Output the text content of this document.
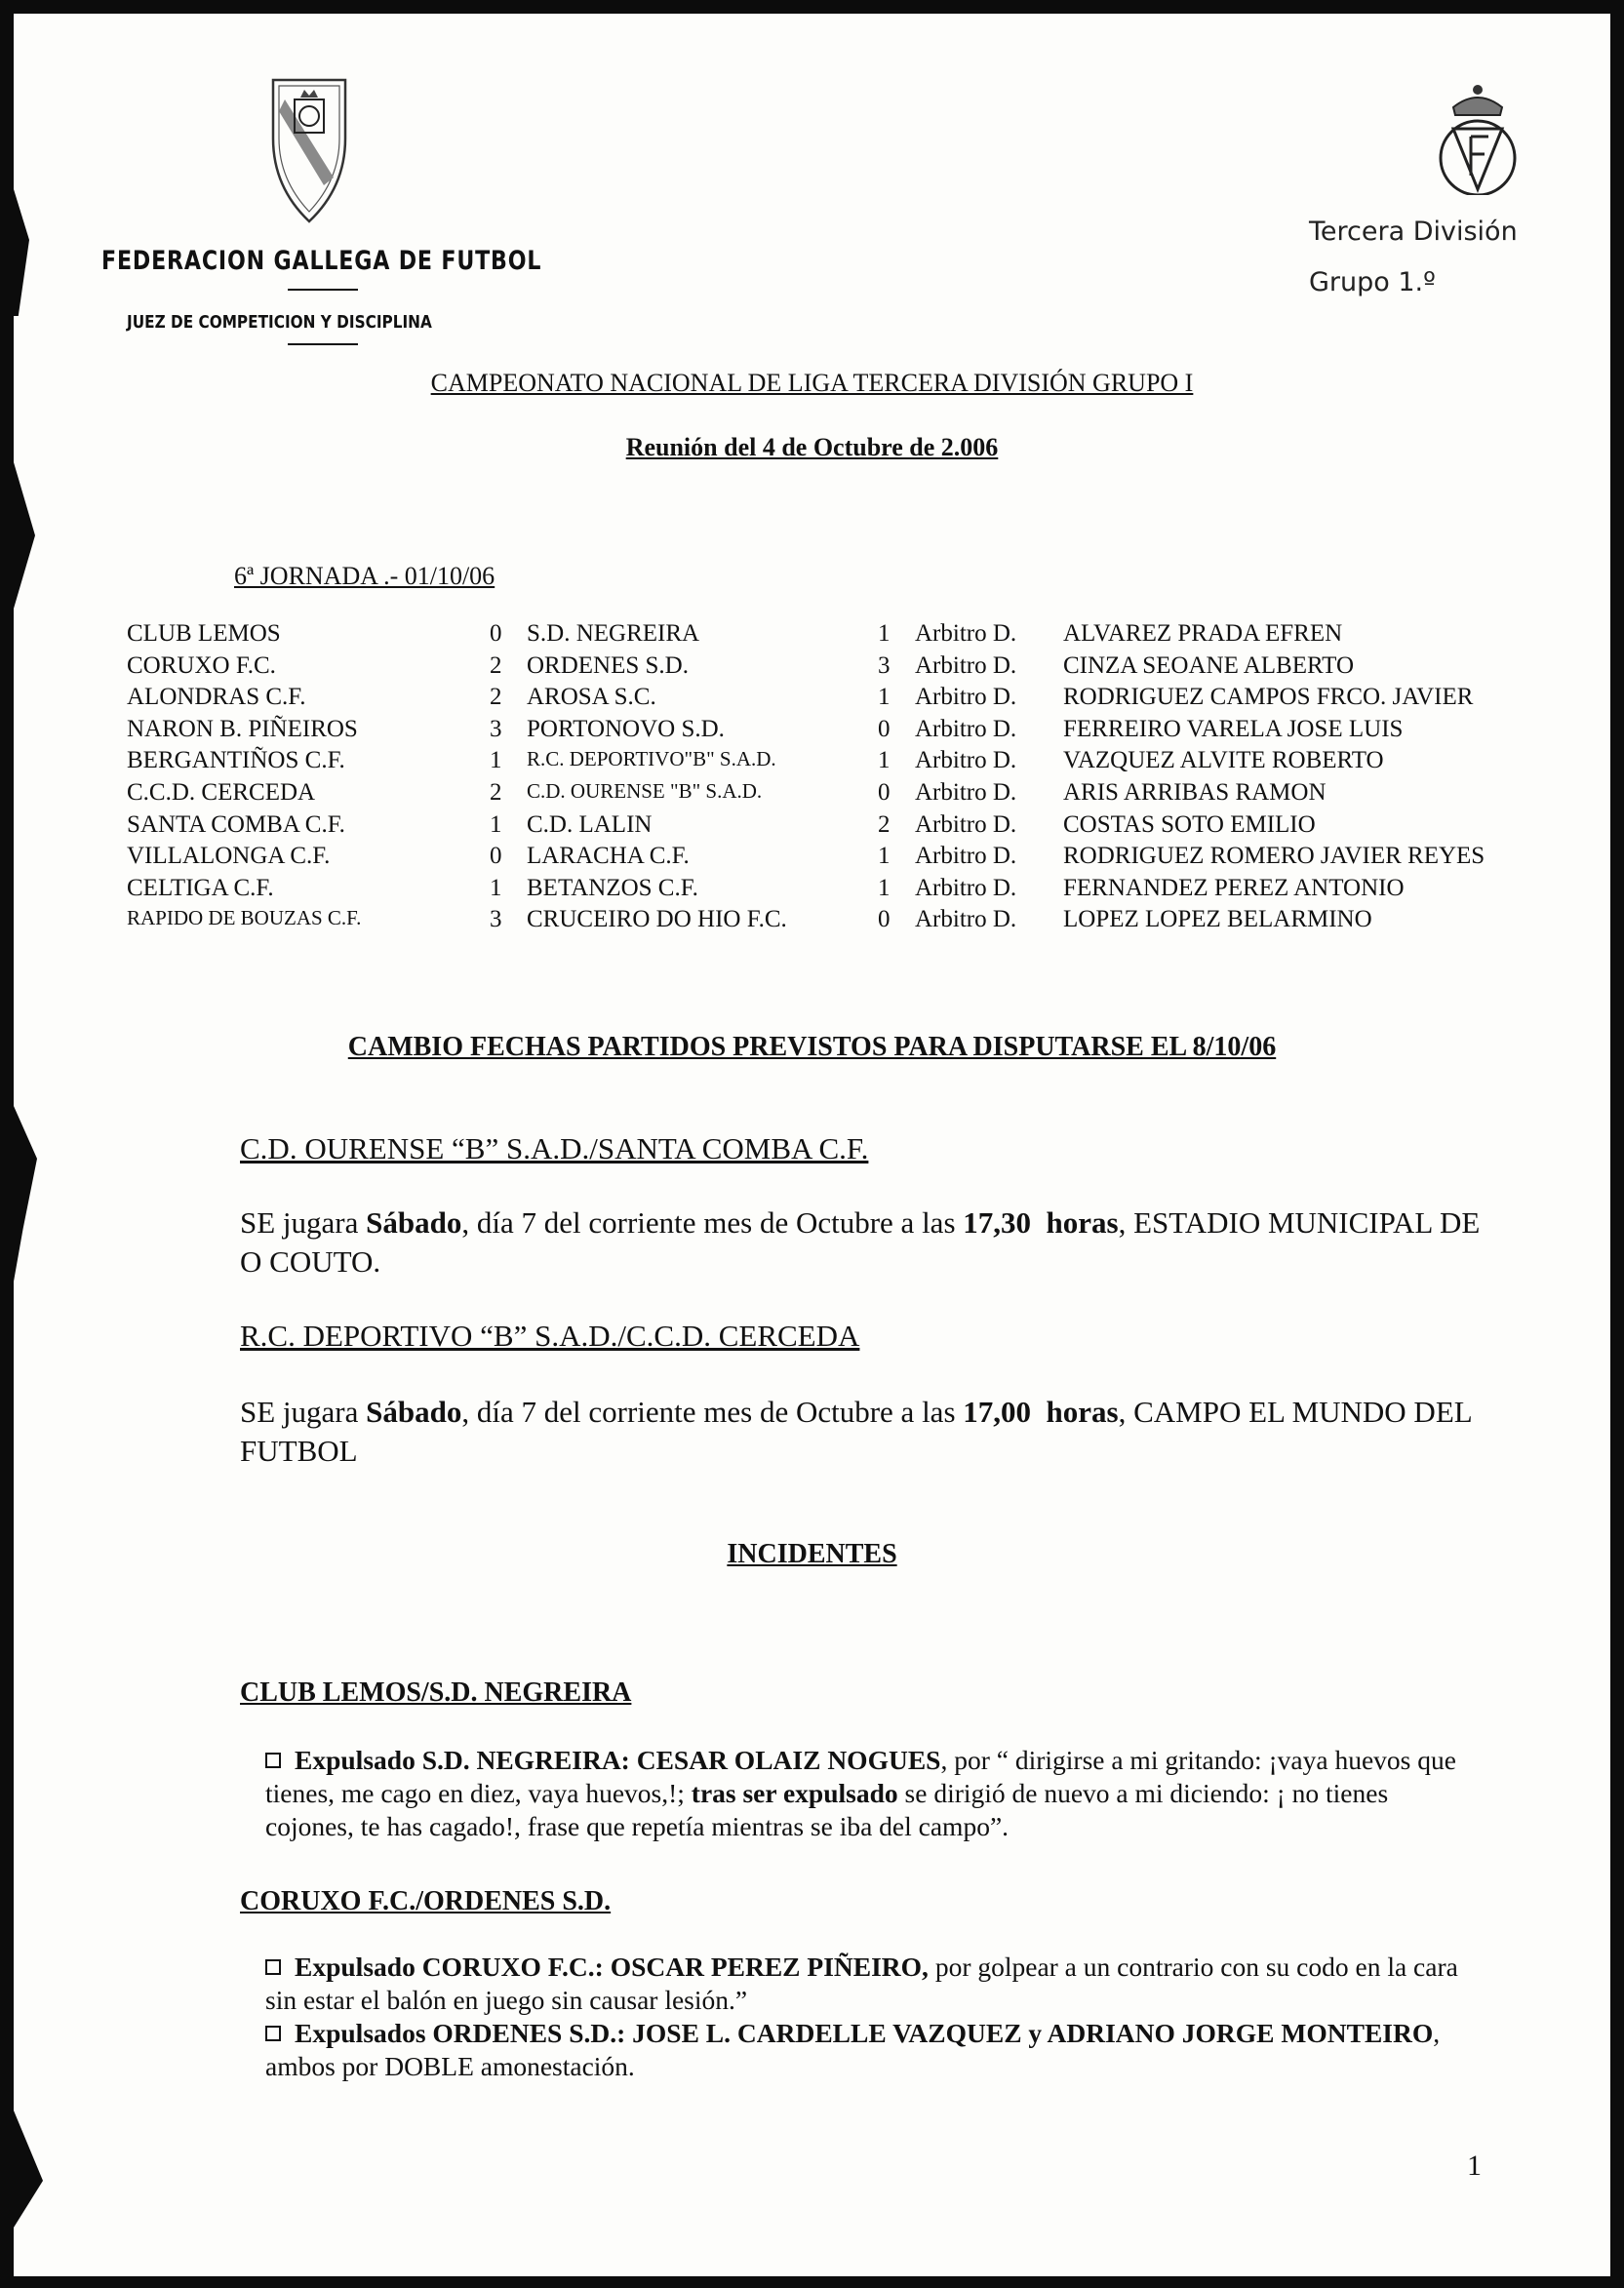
FEDERACION GALLEGA DE FUTBOL
JUEZ DE COMPETICION Y DISCIPLINA
Tercera División
Grupo 1.º
CAMPEONATO NACIONAL DE LIGA TERCERA DIVISIÓN GRUPO I
Reunión del 4 de Octubre de 2.006
6ª JORNADA .- 01/10/06
CLUB LEMOS	0 S.D. NEGREIRA	1 Arbitro D. ALVAREZ PRADA EFREN
CORUXO F.C.	2 ORDENES S.D.	3 Arbitro D. CINZA SEOANE ALBERTO
ALONDRAS C.F.	2 AROSA S.C.	1 Arbitro D. RODRIGUEZ CAMPOS FRCO. JAVIER
NARON B. PIÑEIROS	3 PORTONOVO S.D.	0 Arbitro D. FERREIRO VARELA JOSE LUIS
BERGANTIÑOS C.F.	1 R.C. DEPORTIVO"B" S.A.D.	1 Arbitro D. VAZQUEZ ALVITE ROBERTO
C.C.D. CERCEDA	2 C.D. OURENSE "B" S.A.D.	0 Arbitro D. ARIS ARRIBAS RAMON
SANTA COMBA C.F.	1 C.D. LALIN	2 Arbitro D. COSTAS SOTO EMILIO
VILLALONGA C.F.	0 LARACHA C.F.	1 Arbitro D. RODRIGUEZ ROMERO JAVIER REYES
CELTIGA C.F.	1 BETANZOS C.F.	1 Arbitro D. FERNANDEZ PEREZ ANTONIO
RAPIDO DE BOUZAS C.F.	3 CRUCEIRO DO HIO F.C.	0 Arbitro D. LOPEZ LOPEZ BELARMINO
CAMBIO FECHAS PARTIDOS PREVISTOS PARA DISPUTARSE EL 8/10/06
C.D. OURENSE “B” S.A.D./SANTA COMBA C.F.
SE jugara Sábado, día 7 del corriente mes de Octubre a las 17,30 horas, ESTADIO MUNICIPAL DE O COUTO.
R.C. DEPORTIVO “B” S.A.D./C.C.D. CERCEDA
SE jugara Sábado, día 7 del corriente mes de Octubre a las 17,00 horas, CAMPO EL MUNDO DEL FUTBOL
INCIDENTES
CLUB LEMOS/S.D. NEGREIRA
Expulsado S.D. NEGREIRA: CESAR OLAIZ NOGUES, por “ dirigirse a mi gritando: ¡vaya huevos que tienes, me cago en diez, vaya huevos,!; tras ser expulsado se dirigió de nuevo a mi diciendo: ¡ no tienes cojones, te has cagado!, frase que repetía mientras se iba del campo”.
CORUXO F.C./ORDENES S.D.
Expulsado CORUXO F.C.: OSCAR PEREZ PIÑEIRO, por golpear a un contrario con su codo en la cara sin estar el balón en juego sin causar lesión.”
Expulsados ORDENES S.D.: JOSE L. CARDELLE VAZQUEZ y ADRIANO JORGE MONTEIRO, ambos por DOBLE amonestación.
1
